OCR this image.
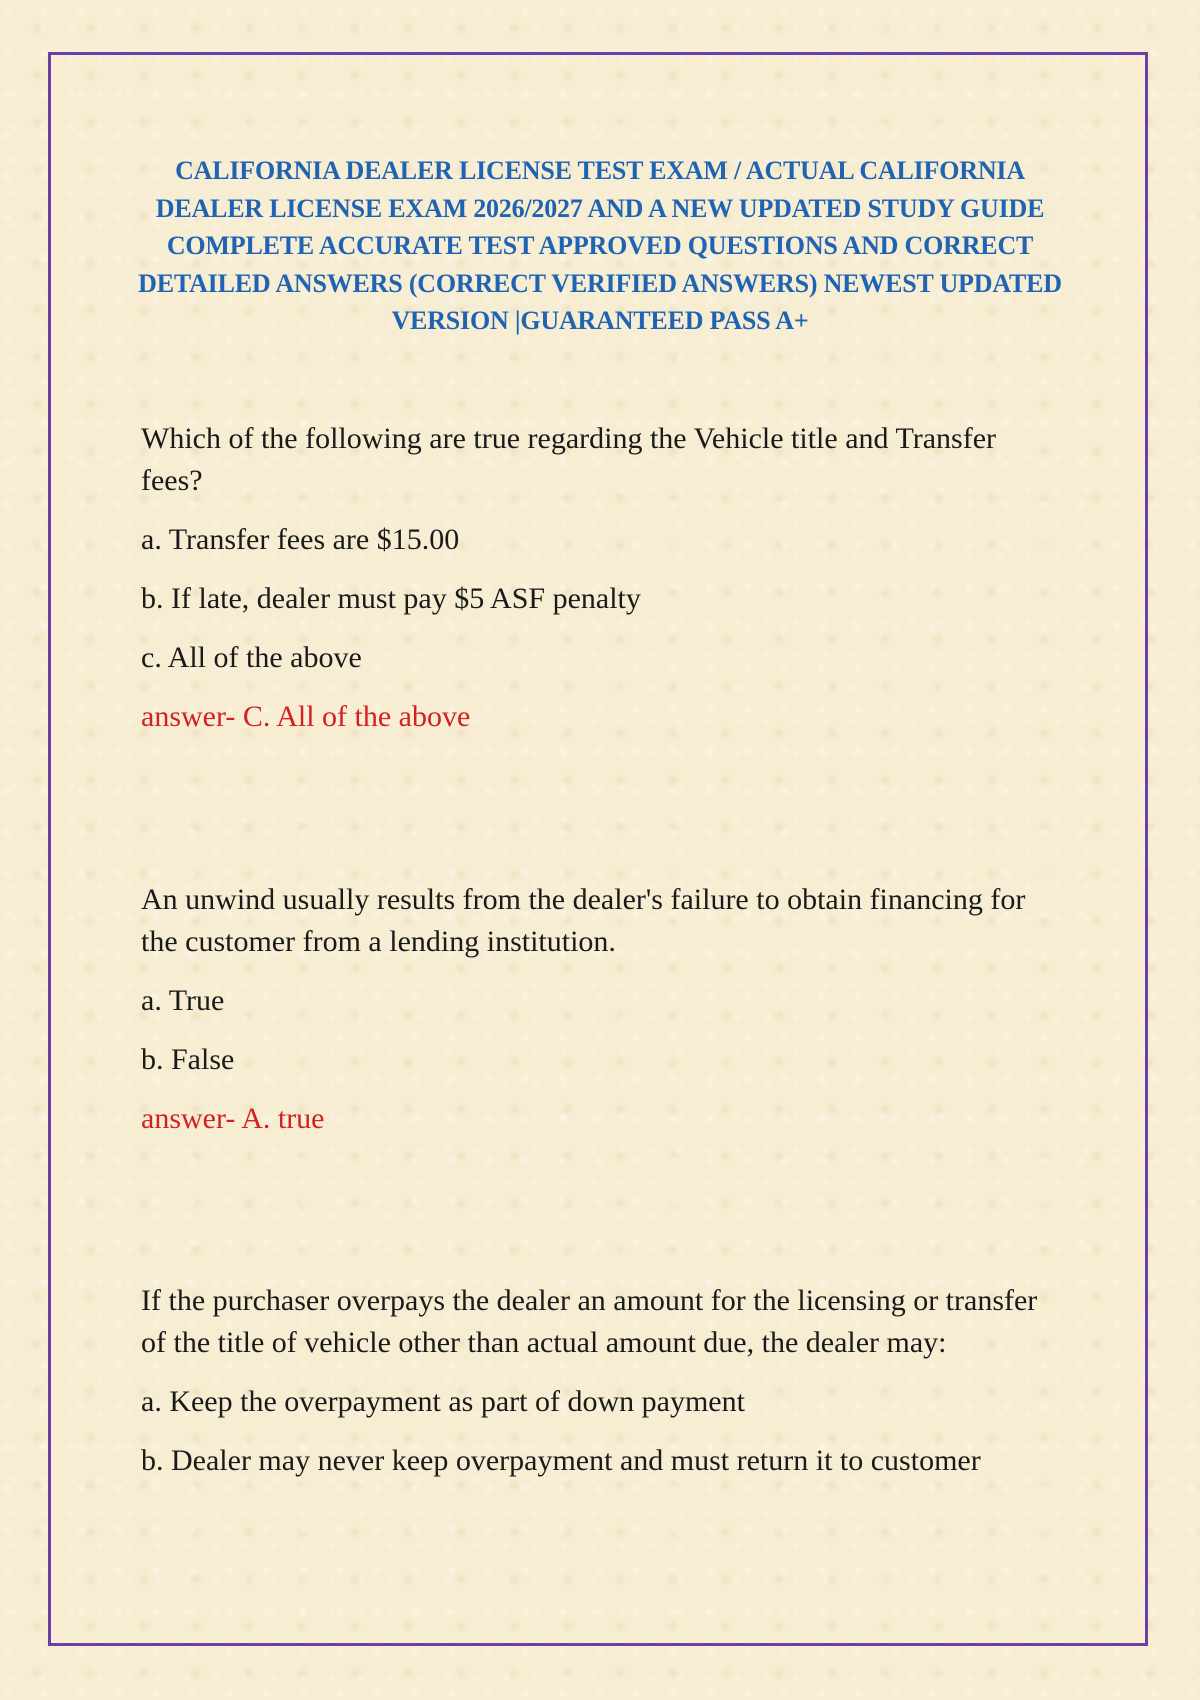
CALIFORNIA DEALER LICENSE TEST EXAM / ACTUAL CALIFORNIA DEALER LICENSE EXAM 2026/2027 AND A NEW UPDATED STUDY GUIDE COMPLETE ACCURATE TEST APPROVED QUESTIONS AND CORRECT DETAILED ANSWERS (CORRECT VERIFIED ANSWERS) NEWEST UPDATED VERSION |GUARANTEED PASS A+

Which of the following are true regarding the Vehicle title and Transfer fees?

a. Transfer fees are $15.00

b. If late, dealer must pay $5 ASF penalty

c. All of the above

answer- C. All of the above

An unwind usually results from the dealer's failure to obtain financing for the customer from a lending institution.

a. True

b. False

answer- A. true

If the purchaser overpays the dealer an amount for the licensing or transfer of the title of vehicle other than actual amount due, the dealer may:

a. Keep the overpayment as part of down payment

b. Dealer may never keep overpayment and must return it to customer
